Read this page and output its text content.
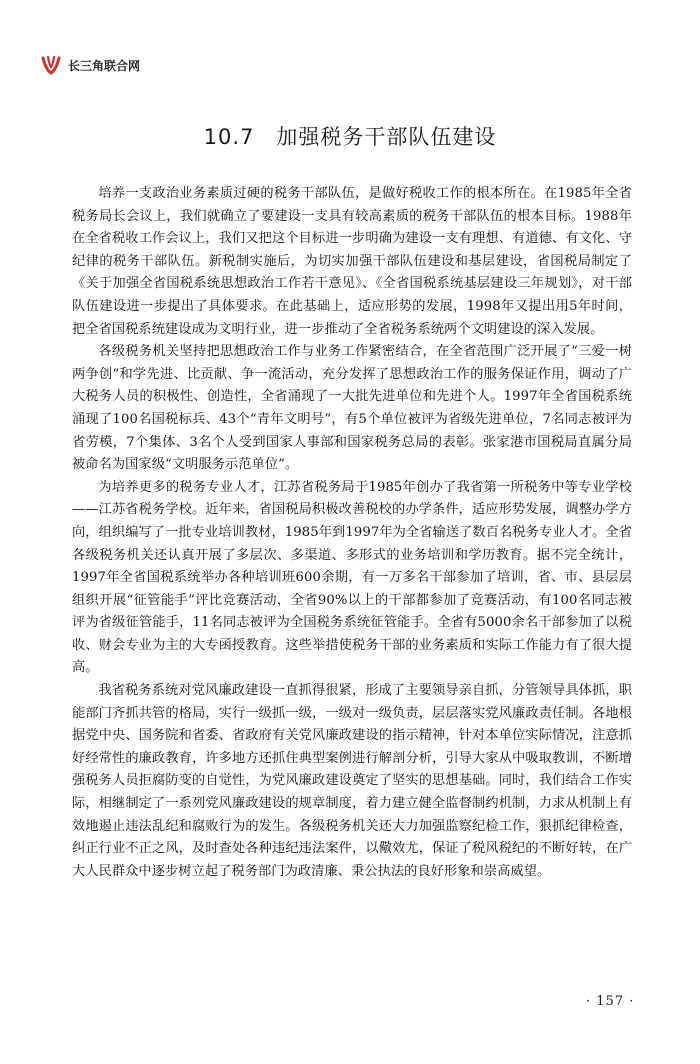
长三角联合网
10.7　加强税务干部队伍建设

培养一支政治业务素质过硬的税务干部队伍，是做好税收工作的根本所在。在1985年全省税务局长会议上，我们就确立了要建设一支具有较高素质的税务干部队伍的根本目标。1988年在全省税收工作会议上，我们又把这个目标进一步明确为建设一支有理想、有道德、有文化、守纪律的税务干部队伍。新税制实施后，为切实加强干部队伍建设和基层建设，省国税局制定了《关于加强全省国税系统思想政治工作若干意见》、《全省国税系统基层建设三年规划》，对干部队伍建设进一步提出了具体要求。在此基础上，适应形势的发展，1998年又提出用5年时间，把全省国税系统建设成为文明行业，进一步推动了全省税务系统两个文明建设的深入发展。

各级税务机关坚持把思想政治工作与业务工作紧密结合，在全省范围广泛开展了“三爱一树两争创”和学先进、比贡献、争一流活动，充分发挥了思想政治工作的服务保证作用，调动了广大税务人员的积极性、创造性，全省涌现了一大批先进单位和先进个人。1997年全省国税系统涌现了100名国税标兵、43个“青年文明号”，有5个单位被评为省级先进单位，7名同志被评为省劳模，7个集体、3名个人受到国家人事部和国家税务总局的表彰。张家港市国税局直属分局被命名为国家级“文明服务示范单位”。

为培养更多的税务专业人才，江苏省税务局于1985年创办了我省第一所税务中等专业学校——江苏省税务学校。近年来，省国税局积极改善税校的办学条件，适应形势发展，调整办学方向，组织编写了一批专业培训教材，1985年到1997年为全省输送了数百名税务专业人才。全省各级税务机关还认真开展了多层次、多渠道、多形式的业务培训和学历教育。据不完全统计，1997年全省国税系统举办各种培训班600余期，有一万多名干部参加了培训，省、市、县层层组织开展“征管能手”评比竞赛活动，全省90%以上的干部都参加了竞赛活动，有100名同志被评为省级征管能手，11名同志被评为全国税务系统征管能手。全省有5000余名干部参加了以税收、财会专业为主的大专函授教育。这些举措使税务干部的业务素质和实际工作能力有了很大提高。

我省税务系统对党风廉政建设一直抓得很紧，形成了主要领导亲自抓，分管领导具体抓，职能部门齐抓共管的格局，实行一级抓一级，一级对一级负责，层层落实党风廉政责任制。各地根据党中央、国务院和省委、省政府有关党风廉政建设的指示精神，针对本单位实际情况，注意抓好经常性的廉政教育，许多地方还抓住典型案例进行解剖分析，引导大家从中吸取教训，不断增强税务人员拒腐防变的自觉性，为党风廉政建设奠定了坚实的思想基础。同时，我们结合工作实际，相继制定了一系列党风廉政建设的规章制度，着力建立健全监督制约机制，力求从机制上有效地遏止违法乱纪和腐败行为的发生。各级税务机关还大力加强监察纪检工作，狠抓纪律检查，纠正行业不正之风，及时查处各种违纪违法案件，以儆效尤，保证了税风税纪的不断好转，在广大人民群众中逐步树立起了税务部门为政清廉、秉公执法的良好形象和崇高威望。

· 157 ·
